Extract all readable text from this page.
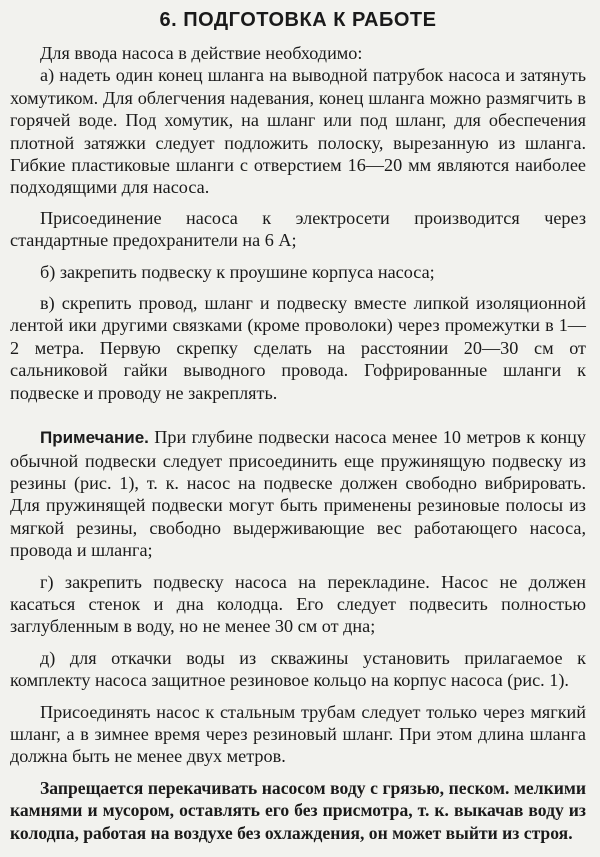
6. ПОДГОТОВКА К РАБОТЕ

Для ввода насоса в действие необходимо:

а) надеть один конец шланга на выводной патрубок насоса и затянуть хомутиком. Для облегчения надевания, конец шланга можно размягчить в горячей воде. Под хомутик, на шланг или под шланг, для обеспечения плотной затяжки следует подложить полоску, вырезанную из шланга. Гибкие пластиковые шланги с отверстием 16—20 мм являются наиболее подходящими для насоса.

Присоединение насоса к электросети производится через стандартные предохранители на 6 А;

б) закрепить подвеску к проушине корпуса насоса;

в) скрепить провод, шланг и подвеску вместе липкой изоляционной лентой ики другими связками (кроме проволоки) через промежутки в 1—2 метра. Первую скрепку сделать на расстоянии 20—30 см от сальниковой гайки выводного провода. Гофрированные шланги к подвеске и проводу не закреплять.

Примечание. При глубине подвески насоса менее 10 метров к концу обычной подвески следует присоединить еще пружинящую подвеску из резины (рис. 1), т. к. насос на подвеске должен свободно вибрировать. Для пружинящей подвески могут быть применены резиновые полосы из мягкой резины, свободно выдерживающие вес работающего насоса, провода и шланга;

г) закрепить подвеску насоса на перекладине. Насос не должен касаться стенок и дна колодца. Его следует подвесить полностью заглубленным в воду, но не менее 30 см от дна;

д) для откачки воды из скважины установить прилагаемое к комплекту насоса защитное резиновое кольцо на корпус насоса (рис. 1).

Присоединять насос к стальным трубам следует только через мягкий шланг, а в зимнее время через резиновый шланг. При этом длина шланга должна быть не менее двух метров.

Запрещается перекачивать насосом воду с грязью, песком. мелкими камнями и мусором, оставлять его без присмотра, т. к. выкачав воду из колодпа, работая на воздухе без охлаждения, он может выйти из строя.
